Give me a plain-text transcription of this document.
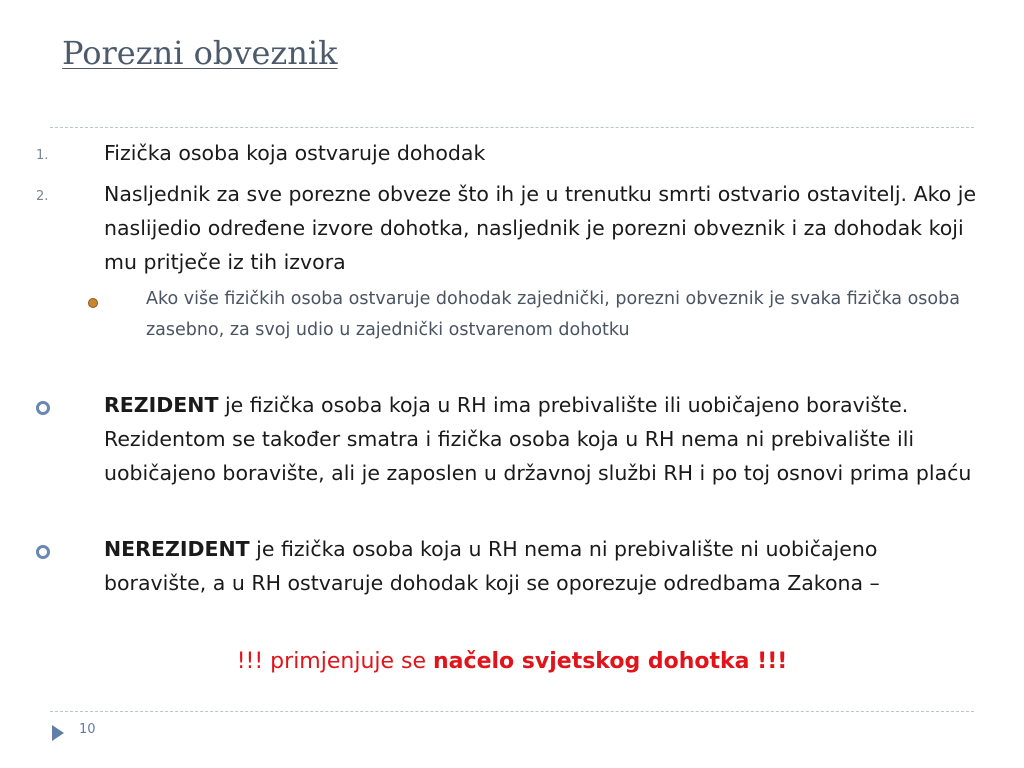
Porezni obveznik
1.	Fizička osoba koja ostvaruje dohodak
2.	Nasljednik za sve porezne obveze što ih je u trenutku smrti ostvario ostavitelj. Ako je naslijedio određene izvore dohotka, nasljednik je porezni obveznik i za dohodak koji mu pritječe iz tih izvora
Ako više fizičkih osoba ostvaruje dohodak zajednički, porezni obveznik je svaka fizička osoba zasebno, za svoj udio u zajednički ostvarenom dohotku
REZIDENT je fizička osoba koja u RH ima prebivalište ili uobičajeno boravište. Rezidentom se također smatra i fizička osoba koja u RH nema ni prebivalište ili uobičajeno boravište, ali je zaposlen u državnoj službi RH i po toj osnovi prima plaću
NEREZIDENT je fizička osoba koja u RH nema ni prebivalište ni uobičajeno boravište, a u RH ostvaruje dohodak koji se oporezuje odredbama Zakona –
!!! primjenjuje se načelo svjetskog dohotka !!!
10
